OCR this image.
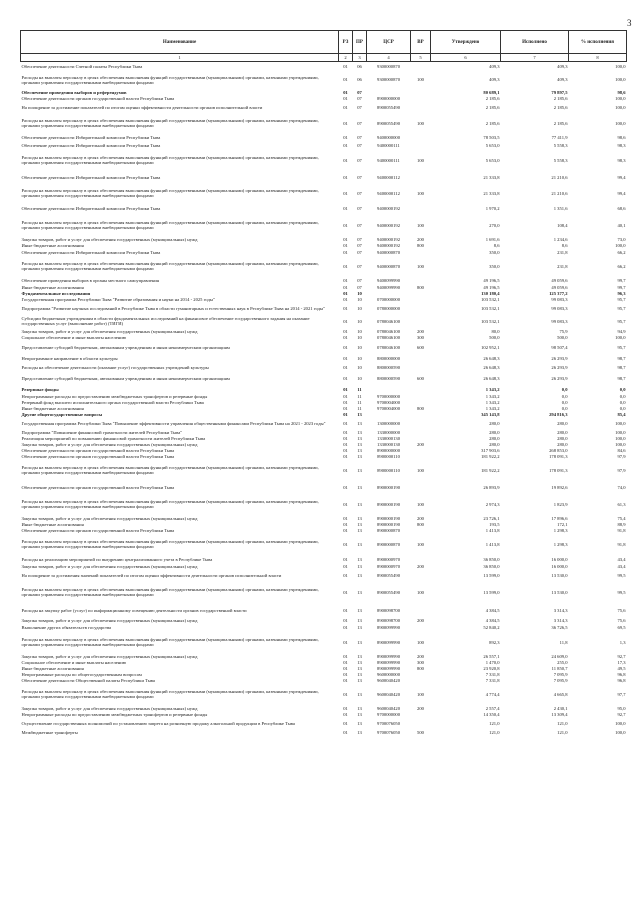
3
Наименование	РЗ	ПР	ЦСР	ВР	Утверждено	Исполнено	% исполнения
1	2	3	4	5	6	7	8
Обеспечение деятельности Счетной палаты Республики Тыва	01	06	9300000870		409,3	409,3	100,0
Расходы на выплаты персоналу в целях обеспечения выполнения функций государственными (муниципальными) органами, казенными учреждениями, органами управления государственными внебюджетными фондами	01	06	9300000870	100	409,3	409,3	100,0
Обеспечение проведения выборов и референдумов	01	07			80 689,1	79 897,5	98,6
Обеспечение деятельности органов государственной власти Республики Тыва	01	07	8900000000		2 185,6	2 185,6	100,0
На поощрение за достижение показателей по итогам оценки эффективности деятельности органов исполнительной власти	01	07	8900055490		2 185,6	2 185,6	100,0
Расходы на выплаты персоналу в целях обеспечения выполнения функций государственными (муниципальными) органами, казенными учреждениями, органами управления государственными внебюджетными фондами	01	07	8900055490	100	2 185,6	2 185,6	100,0
Обеспечение деятельности Избирательной комиссии Республики Тыва	01	07	9400000000		78 503,5	77 411,9	98,6
Обеспечение деятельности Избирательной комиссии Республики Тыва	01	07	9400000111		5 653,0	5 558,3	98,3
Расходы на выплаты персоналу в целях обеспечения выполнения функций государственными (муниципальными) органами, казенными учреждениями, органами управления государственными внебюджетными фондами	01	07	9400000111	100	5 653,0	5 558,3	98,3
Обеспечение деятельности Избирательной комиссии Республики Тыва	01	07	9400000112		21 333,8	21 210,6	99,4
Расходы на выплаты персоналу в целях обеспечения выполнения функций государственными (муниципальными) органами, казенными учреждениями, органами управления государственными внебюджетными фондами	01	07	9400000112	100	21 333,8	21 210,6	99,4
Обеспечение деятельности Избирательной комиссии Республики Тыва	01	07	9400000192		1 970,2	1 351,6	68,6
Расходы на выплаты персоналу в целях обеспечения выполнения функций государственными (муниципальными) органами, казенными учреждениями, органами управления государственными внебюджетными фондами	01	07	9400000192	100	270,0	108,4	40,1
Закупка товаров, работ и услуг для обеспечения государственных (муниципальных) нужд	01	07	9400000192	200	1 691,6	1 234,6	73,0
Иные бюджетные ассигнования	01	07	9400000192	800	8,6	8,6	100,0
Обеспечение деятельности Избирательной комиссии Республики Тыва	01	07	9400000870		350,0	231,8	66,2
Расходы на выплаты персоналу в целях обеспечения выполнения функций государственными (муниципальными) органами, казенными учреждениями, органами управления государственными внебюджетными фондами	01	07	9400000870	100	350,0	231,8	66,2
Обеспечение проведения выборов в органы местного самоуправления	01	07	9400099990		49 196,5	49 059,6	99,7
Иные бюджетные ассигнования	01	07	9400099990	800	49 196,5	49 059,6	99,7
Фундаментальные исследования	01	10			130 180,4	125 377,2	96,3
Государственная программа Республики Тыва "Развитие образования и науки на 2014 - 2025 годы"	01	10	0700000000		103 532,1	99 083,3	95,7
Подпрограмма "Развитие научных исследований в Республике Тыва в области гуманитарных и естественных наук в Республике Тыва на 2014 - 2021 годы"	01	10	0780000000		103 532,1	99 083,3	95,7
Субсидии бюджетным учреждениям в области фундаментальных исследований на финансовое обеспечение государственного задания на оказание государственных услуг (выполнение работ) (ТИГИ)	01	10	0780046100		103 532,1	99 083,3	95,7
Закупка товаров, работ и услуг для обеспечения государственных (муниципальных) нужд	01	10	0780046100	200	80,0	75,9	94,9
Социальное обеспечение и иные выплаты населению	01	10	0780046100	300	500,0	500,0	100,0
Предоставление субсидий бюджетным, автономным учреждениям и иным некоммерческим организациям	01	10	0780046100	600	102 952,1	98 507,4	95,7
Непрограммное направление в области культуры	01	10	8800000000		26 648,3	26 293,9	98,7
Расходы на обеспечение деятельности (оказание услуг) государственных учреждений культуры	01	10	8800000590		26 648,3	26 293,9	98,7
Предоставление субсидий бюджетным, автономным учреждениям и иным некоммерческим организациям	01	10	8800000590	600	26 648,3	26 293,9	98,7
Резервные фонды	01	11			1 343,2	0,0	0,0
Непрограммные расходы по предоставлению межбюджетных трансфертов и резервные фонды	01	11	9700000000		1 343,2	0,0	0,0
Резервный фонд высшего исполнительного органа государственной власти Республики Тыва	01	11	9700004000		1 343,2	0,0	0,0
Иные бюджетные ассигнования	01	11	9700004000	800	1 343,2	0,0	0,0
Другие общегосударственные вопросы	01	13			345 143,8	294 816,3	85,4
Государственная программа Республики Тыва "Повышение эффективности управления общественными финансами Республики Тыва на 2021 - 2023 годы"	01	13	1300000000		280,0	280,0	100,0
Подпрограмма "Повышение финансовой грамотности жителей Республики Тыва"	01	13	1330000000		280,0	280,0	100,0
Реализация мероприятий по повышению финансовой грамотности жителей Республики Тыва	01	13	1330000130		280,0	280,0	100,0
Закупка товаров, работ и услуг для обеспечения государственных (муниципальных) нужд	01	13	1330000130	200	280,0	280,0	100,0
Обеспечение деятельности органов государственной власти Республики Тыва	01	13	8900000000		317 903,6	268 853,0	84,6
Обеспечение деятельности органов государственной власти Республики Тыва	01	13	8900000110		181 922,2	178 091,3	97,9
Расходы на выплаты персоналу в целях обеспечения выполнения функций государственными (муниципальными) органами, казенными учреждениями, органами управления государственными внебюджетными фондами	01	13	8900000110	100	181 922,2	178 091,3	97,9
Обеспечение деятельности органов государственной власти Республики Тыва	01	13	8900000190		26 893,9	19 892,6	74,0
Расходы на выплаты персоналу в целях обеспечения выполнения функций государственными (муниципальными) органами, казенными учреждениями, органами управления государственными внебюджетными фондами	01	13	8900000190	100	2 974,3	1 823,9	61,3
Закупка товаров, работ и услуг для обеспечения государственных (муниципальных) нужд	01	13	8900000190	200	23 726,1	17 896,6	75,4
Иные бюджетные ассигнования	01	13	8900000190	800	193,5	172,1	88,9
Обеспечение деятельности органов государственной власти Республики Тыва	01	13	8900000870		1 413,8	1 298,3	91,8
Расходы на выплаты персоналу в целях обеспечения выполнения функций государственными (муниципальными) органами, казенными учреждениями, органами управления государственными внебюджетными фондами	01	13	8900000870	100	1 413,8	1 298,3	91,8
Расходы на реализацию мероприятий по внедрению централизованного учета в Республике Тыва	01	13	8900000970		36 850,0	16 000,0	43,4
Закупка товаров, работ и услуг для обеспечения государственных (муниципальных) нужд	01	13	8900000970	200	36 850,0	16 000,0	43,4
На поощрение за достижения значений показателей по итогам оценки эффективности деятельности органов исполнительной власти	01	13	8900055490		13 599,0	13 530,0	99,5
Расходы на выплаты персоналу в целях обеспечения выполнения функций государственными (муниципальными) органами, казенными учреждениями, органами управления государственными внебюджетными фондами	01	13	8900055490	100	13 599,0	13 530,0	99,5
Расходы на закупку работ (услуг) по информационному освещению деятельности органов государственной власти	01	13	8900098700		4 384,5	3 314,3	75,6
Закупка товаров, работ и услуг для обеспечения государственных (муниципальных) нужд	01	13	8900098700	200	4 384,5	3 314,3	75,6
Выполнение других обязательств государства	01	13	8900099990		52 840,2	36 726,5	69,5
Расходы на выплаты персоналу в целях обеспечения выполнения функций государственными (муниципальными) органами, казенными учреждениями, органами управления государственными внебюджетными фондами	01	13	8900099990	100	892,3	11,8	1,3
Закупка товаров, работ и услуг для обеспечения государственных (муниципальных) нужд	01	13	8900099990	200	26 557,1	24 609,0	92,7
Социальное обеспечение и иные выплаты населению	01	13	8900099990	300	1 470,0	255,0	17,3
Иные бюджетные ассигнования	01	13	8900099990	800	23 920,8	11 850,7	49,5
Непрограммные расходы по общегосударственным вопросам	01	13	9600000000		7 331,8	7 095,9	96,8
Обеспечение деятельности Общественной палаты Республики Тыва	01	13	9600040420		7 331,8	7 095,9	96,8
Расходы на выплаты персоналу в целях обеспечения выполнения функций государственными (муниципальными) органами, казенными учреждениями, органами управления государственными внебюджетными фондами	01	13	9600040420	100	4 774,4	4 665,8	97,7
Закупка товаров, работ и услуг для обеспечения государственных (муниципальных) нужд	01	13	9600040420	200	2 557,4	2 430,1	95,0
Непрограммные расходы по предоставлению межбюджетных трансфертов и резервные фонды	01	13	9700000000		14 350,4	13 309,4	92,7
Осуществление государственных полномочий по установлению запрета на розничную продажу алкогольной продукции в Республике Тыва	01	13	9700076050		121,0	121,0	100,0
Межбюджетные трансферты	01	13	9700076050	500	121,0	121,0	100,0
